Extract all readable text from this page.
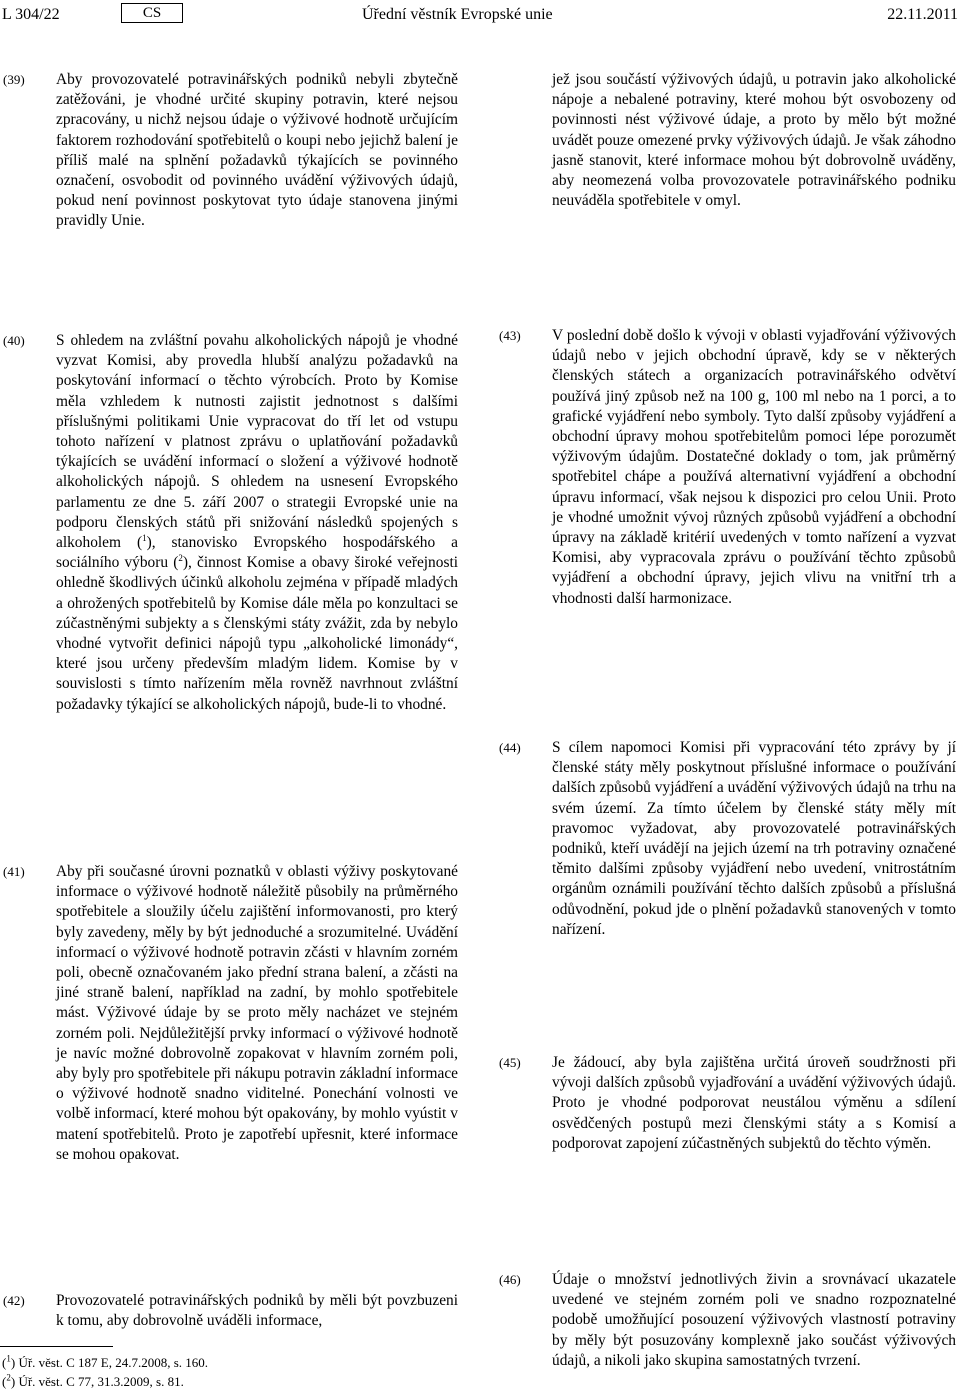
L 304/22	CS	Úřední věstník Evropské unie	22.11.2011
(39) Aby provozovatelé potravinářských podniků nebyli zbytečně zatěžováni, je vhodné určité skupiny potravin, které nejsou zpracovány, u nichž nejsou údaje o výživové hodnotě určujícím faktorem rozhodování spotřebitelů o koupi nebo jejichž balení je příliš malé na splnění požadavků týkajících se povinného označení, osvobodit od povinného uvádění výživových údajů, pokud není povinnost poskytovat tyto údaje stanovena jinými pravidly Unie.
(40) S ohledem na zvláštní povahu alkoholických nápojů je vhodné vyzvat Komisi, aby provedla hlubší analýzu požadavků na poskytování informací o těchto výrobcích. Proto by Komise měla vzhledem k nutnosti zajistit jednotnost s dalšími příslušnými politikami Unie vypracovat do tří let od vstupu tohoto nařízení v platnost zprávu o uplatňování požadavků týkajících se uvádění informací o složení a výživové hodnotě alkoholických nápojů. S ohledem na usnesení Evropského parlamentu ze dne 5. září 2007 o strategii Evropské unie na podporu členských států při snižování následků spojených s alkoholem ($^1$), stanovisko Evropského hospodářského a sociálního výboru ($^2$), činnost Komise a obavy široké veřejnosti ohledně škodlivých účinků alkoholu zejména v případě mladých a ohrožených spotřebitelů by Komise dále měla po konzultaci se zúčastněnými subjekty a s členskými státy zvážit, zda by nebylo vhodné vytvořit definici nápojů typu „alkoholické limonády“, které jsou určeny především mladým lidem. Komise by v souvislosti s tímto nařízením měla rovněž navrhnout zvláštní požadavky týkající se alkoholických nápojů, bude-li to vhodné.
(41) Aby při současné úrovni poznatků v oblasti výživy poskytované informace o výživové hodnotě náležitě působily na průměrného spotřebitele a sloužily účelu zajištění informovanosti, pro který byly zavedeny, měly by být jednoduché a srozumitelné. Uvádění informací o výživové hodnotě potravin zčásti v hlavním zorném poli, obecně označovaném jako přední strana balení, a zčásti na jiné straně balení, například na zadní, by mohlo spotřebitele mást. Výživové údaje by se proto měly nacházet ve stejném zorném poli. Nejdůležitější prvky informací o výživové hodnotě je navíc možné dobrovolně zopakovat v hlavním zorném poli, aby byly pro spotřebitele při nákupu potravin základní informace o výživové hodnotě snadno viditelné. Ponechání volnosti ve volbě informací, které mohou být opakovány, by mohlo vyústit v matení spotřebitelů. Proto je zapotřebí upřesnit, které informace se mohou opakovat.
(42) Provozovatelé potravinářských podniků by měli být povzbuzeni k tomu, aby dobrovolně uváděli informace,
jež jsou součástí výživových údajů, u potravin jako alkoholické nápoje a nebalené potraviny, které mohou být osvobozeny od povinnosti nést výživové údaje, a proto by mělo být možné uvádět pouze omezené prvky výživových údajů. Je však záhodno jasně stanovit, které informace mohou být dobrovolně uváděny, aby neomezená volba provozovatele potravinářského podniku neuváděla spotřebitele v omyl.
(43) V poslední době došlo k vývoji v oblasti vyjadřování výživových údajů nebo v jejich obchodní úpravě, kdy se v některých členských státech a organizacích potravinářského odvětví používá jiný způsob než na 100 g, 100 ml nebo na 1 porci, a to grafické vyjádření nebo symboly. Tyto další způsoby vyjádření a obchodní úpravy mohou spotřebitelům pomoci lépe porozumět výživovým údajům. Dostatečné doklady o tom, jak průměrný spotřebitel chápe a používá alternativní vyjádření a obchodní úpravu informací, však nejsou k dispozici pro celou Unii. Proto je vhodné umožnit vývoj různých způsobů vyjádření a obchodní úpravy na základě kritérií uvedených v tomto nařízení a vyzvat Komisi, aby vypracovala zprávu o používání těchto způsobů vyjádření a obchodní úpravy, jejich vlivu na vnitřní trh a vhodnosti další harmonizace.
(44) S cílem napomoci Komisi při vypracování této zprávy by jí členské státy měly poskytnout příslušné informace o používání dalších způsobů vyjádření a uvádění výživových údajů na trhu na svém území. Za tímto účelem by členské státy měly mít pravomoc vyžadovat, aby provozovatelé potravinářských podniků, kteří uvádějí na jejich území na trh potraviny označené těmito dalšími způsoby vyjádření nebo uvedení, vnitrostátním orgánům oznámili používání těchto dalších způsobů a příslušná odůvodnění, pokud jde o plnění požadavků stanovených v tomto nařízení.
(45) Je žádoucí, aby byla zajištěna určitá úroveň soudržnosti při vývoji dalších způsobů vyjadřování a uvádění výživových údajů. Proto je vhodné podporovat neustálou výměnu a sdílení osvědčených postupů mezi členskými státy a s Komisí a podporovat zapojení zúčastněných subjektů do těchto výměn.
(46) Údaje o množství jednotlivých živin a srovnávací ukazatele uvedené ve stejném zorném poli ve snadno rozpoznatelné podobě umožňující posouzení výživových vlastností potraviny by měly být posuzovány komplexně jako součást výživových údajů, a nikoli jako skupina samostatných tvrzení.
($^1$) Úř. věst. C 187 E, 24.7.2008, s. 160.
($^2$) Úř. věst. C 77, 31.3.2009, s. 81.
